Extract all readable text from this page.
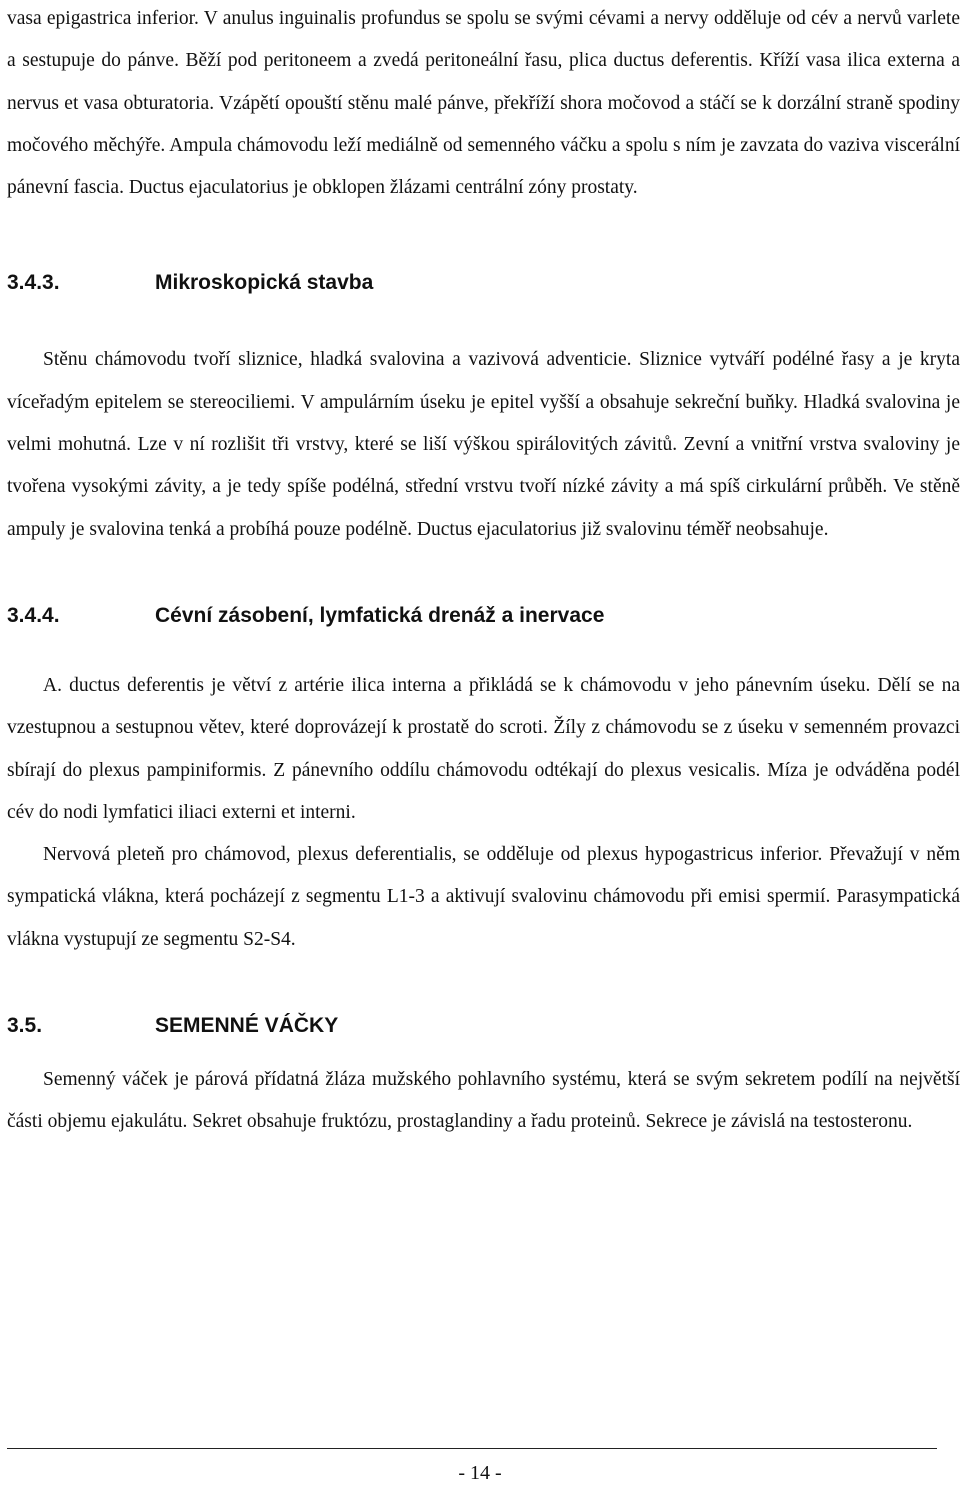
vasa epigastrica inferior. V anulus inguinalis profundus se spolu se svými cévami a nervy odděluje od cév a nervů varlete a sestupuje do pánve. Běží pod peritoneem a zvedá peritoneální řasu, plica ductus deferentis. Kříží vasa ilica externa a nervus et vasa obturatoria. Vzápětí opouští stěnu malé pánve, překříží shora močovod a stáčí se k dorzální straně spodiny močového měchýře. Ampula chámovodu leží mediálně od semenného váčku a spolu s ním je zavzata do vaziva viscerální pánevní fascia. Ductus ejaculatorius je obklopen žlázami centrální zóny prostaty.

3.4.3.	Mikroskopická stavba

Stěnu chámovodu tvoří sliznice, hladká svalovina a vazivová adventicie. Sliznice vytváří podélné řasy a je kryta víceřadým epitelem se stereociliemi. V ampulárním úseku je epitel vyšší a obsahuje sekreční buňky. Hladká svalovina je velmi mohutná. Lze v ní rozlišit tři vrstvy, které se liší výškou spirálovitých závitů. Zevní a vnitřní vrstva svaloviny je tvořena vysokými závity, a je tedy spíše podélná, střední vrstvu tvoří nízké závity a má spíš cirkulární průběh. Ve stěně ampuly je svalovina tenká a probíhá pouze podélně. Ductus ejaculatorius již svalovinu téměř neobsahuje.

3.4.4.	Cévní zásobení, lymfatická drenáž a inervace

A. ductus deferentis je větví z artérie ilica interna a přikládá se k chámovodu v jeho pánevním úseku. Dělí se na vzestupnou a sestupnou větev, které doprovázejí k prostatě do scroti. Žíly z chámovodu se z úseku v semenném provazci sbírají do plexus pampiniformis. Z pánevního oddílu chámovodu odtékají do plexus vesicalis. Míza je odváděna podél cév do nodi lymfatici iliaci externi et interni.

Nervová pleteň pro chámovod, plexus deferentialis, se odděluje od plexus hypogastricus inferior. Převažují v něm sympatická vlákna, která pocházejí z segmentu L1-3 a aktivují svalovinu chámovodu při emisi spermií. Parasympatická vlákna vystupují ze segmentu S2-S4.

3.5.	SEMENNÉ VÁČKY

Semenný váček je párová přídatná žláza mužského pohlavního systému, která se svým sekretem podílí na největší části objemu ejakulátu. Sekret obsahuje fruktózu, prostaglandiny a řadu proteinů. Sekrece je závislá na testosteronu.

- 14 -
